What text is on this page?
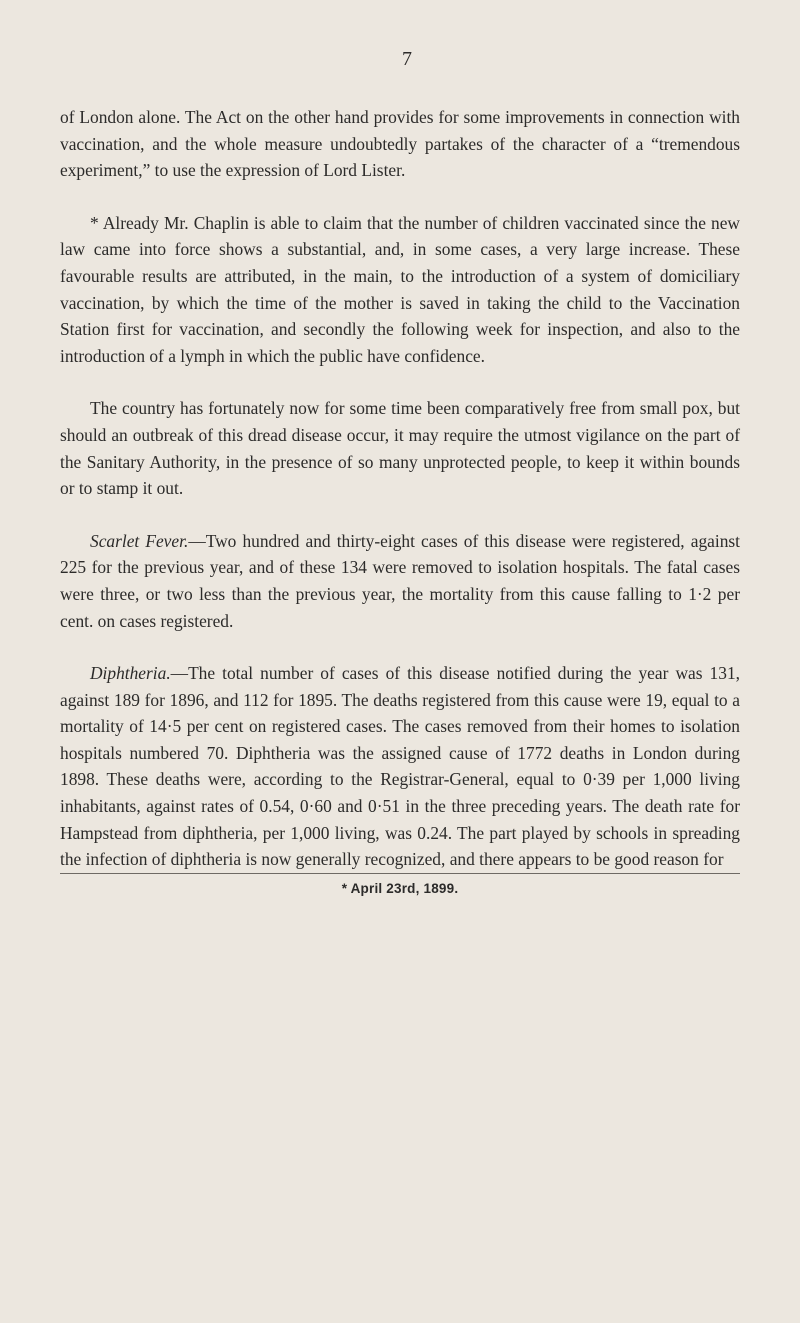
7

of London alone. The Act on the other hand provides for some improvements in connection with vaccination, and the whole measure undoubtedly partakes of the character of a “tremendous experiment,” to use the expression of Lord Lister.

* Already Mr. Chaplin is able to claim that the number of children vaccinated since the new law came into force shows a substantial, and, in some cases, a very large increase. These favourable results are attributed, in the main, to the introduction of a system of domiciliary vaccination, by which the time of the mother is saved in taking the child to the Vaccination Station first for vaccination, and secondly the following week for inspection, and also to the introduction of a lymph in which the public have confidence.

The country has fortunately now for some time been comparatively free from small pox, but should an outbreak of this dread disease occur, it may require the utmost vigilance on the part of the Sanitary Authority, in the presence of so many unprotected people, to keep it within bounds or to stamp it out.

Scarlet Fever.—Two hundred and thirty-eight cases of this disease were registered, against 225 for the previous year, and of these 134 were removed to isolation hospitals. The fatal cases were three, or two less than the previous year, the mortality from this cause falling to 1·2 per cent. on cases registered.

Diphtheria.—The total number of cases of this disease notified during the year was 131, against 189 for 1896, and 112 for 1895. The deaths registered from this cause were 19, equal to a mortality of 14·5 per cent on registered cases. The cases removed from their homes to isolation hospitals numbered 70. Diphtheria was the assigned cause of 1772 deaths in London during 1898. These deaths were, according to the Registrar-General, equal to 0·39 per 1,000 living inhabitants, against rates of 0.54, 0·60 and 0·51 in the three preceding years. The death rate for Hampstead from diphtheria, per 1,000 living, was 0.24. The part played by schools in spreading the infection of diphtheria is now generally recognized, and there appears to be good reason for

* April 23rd, 1899.
